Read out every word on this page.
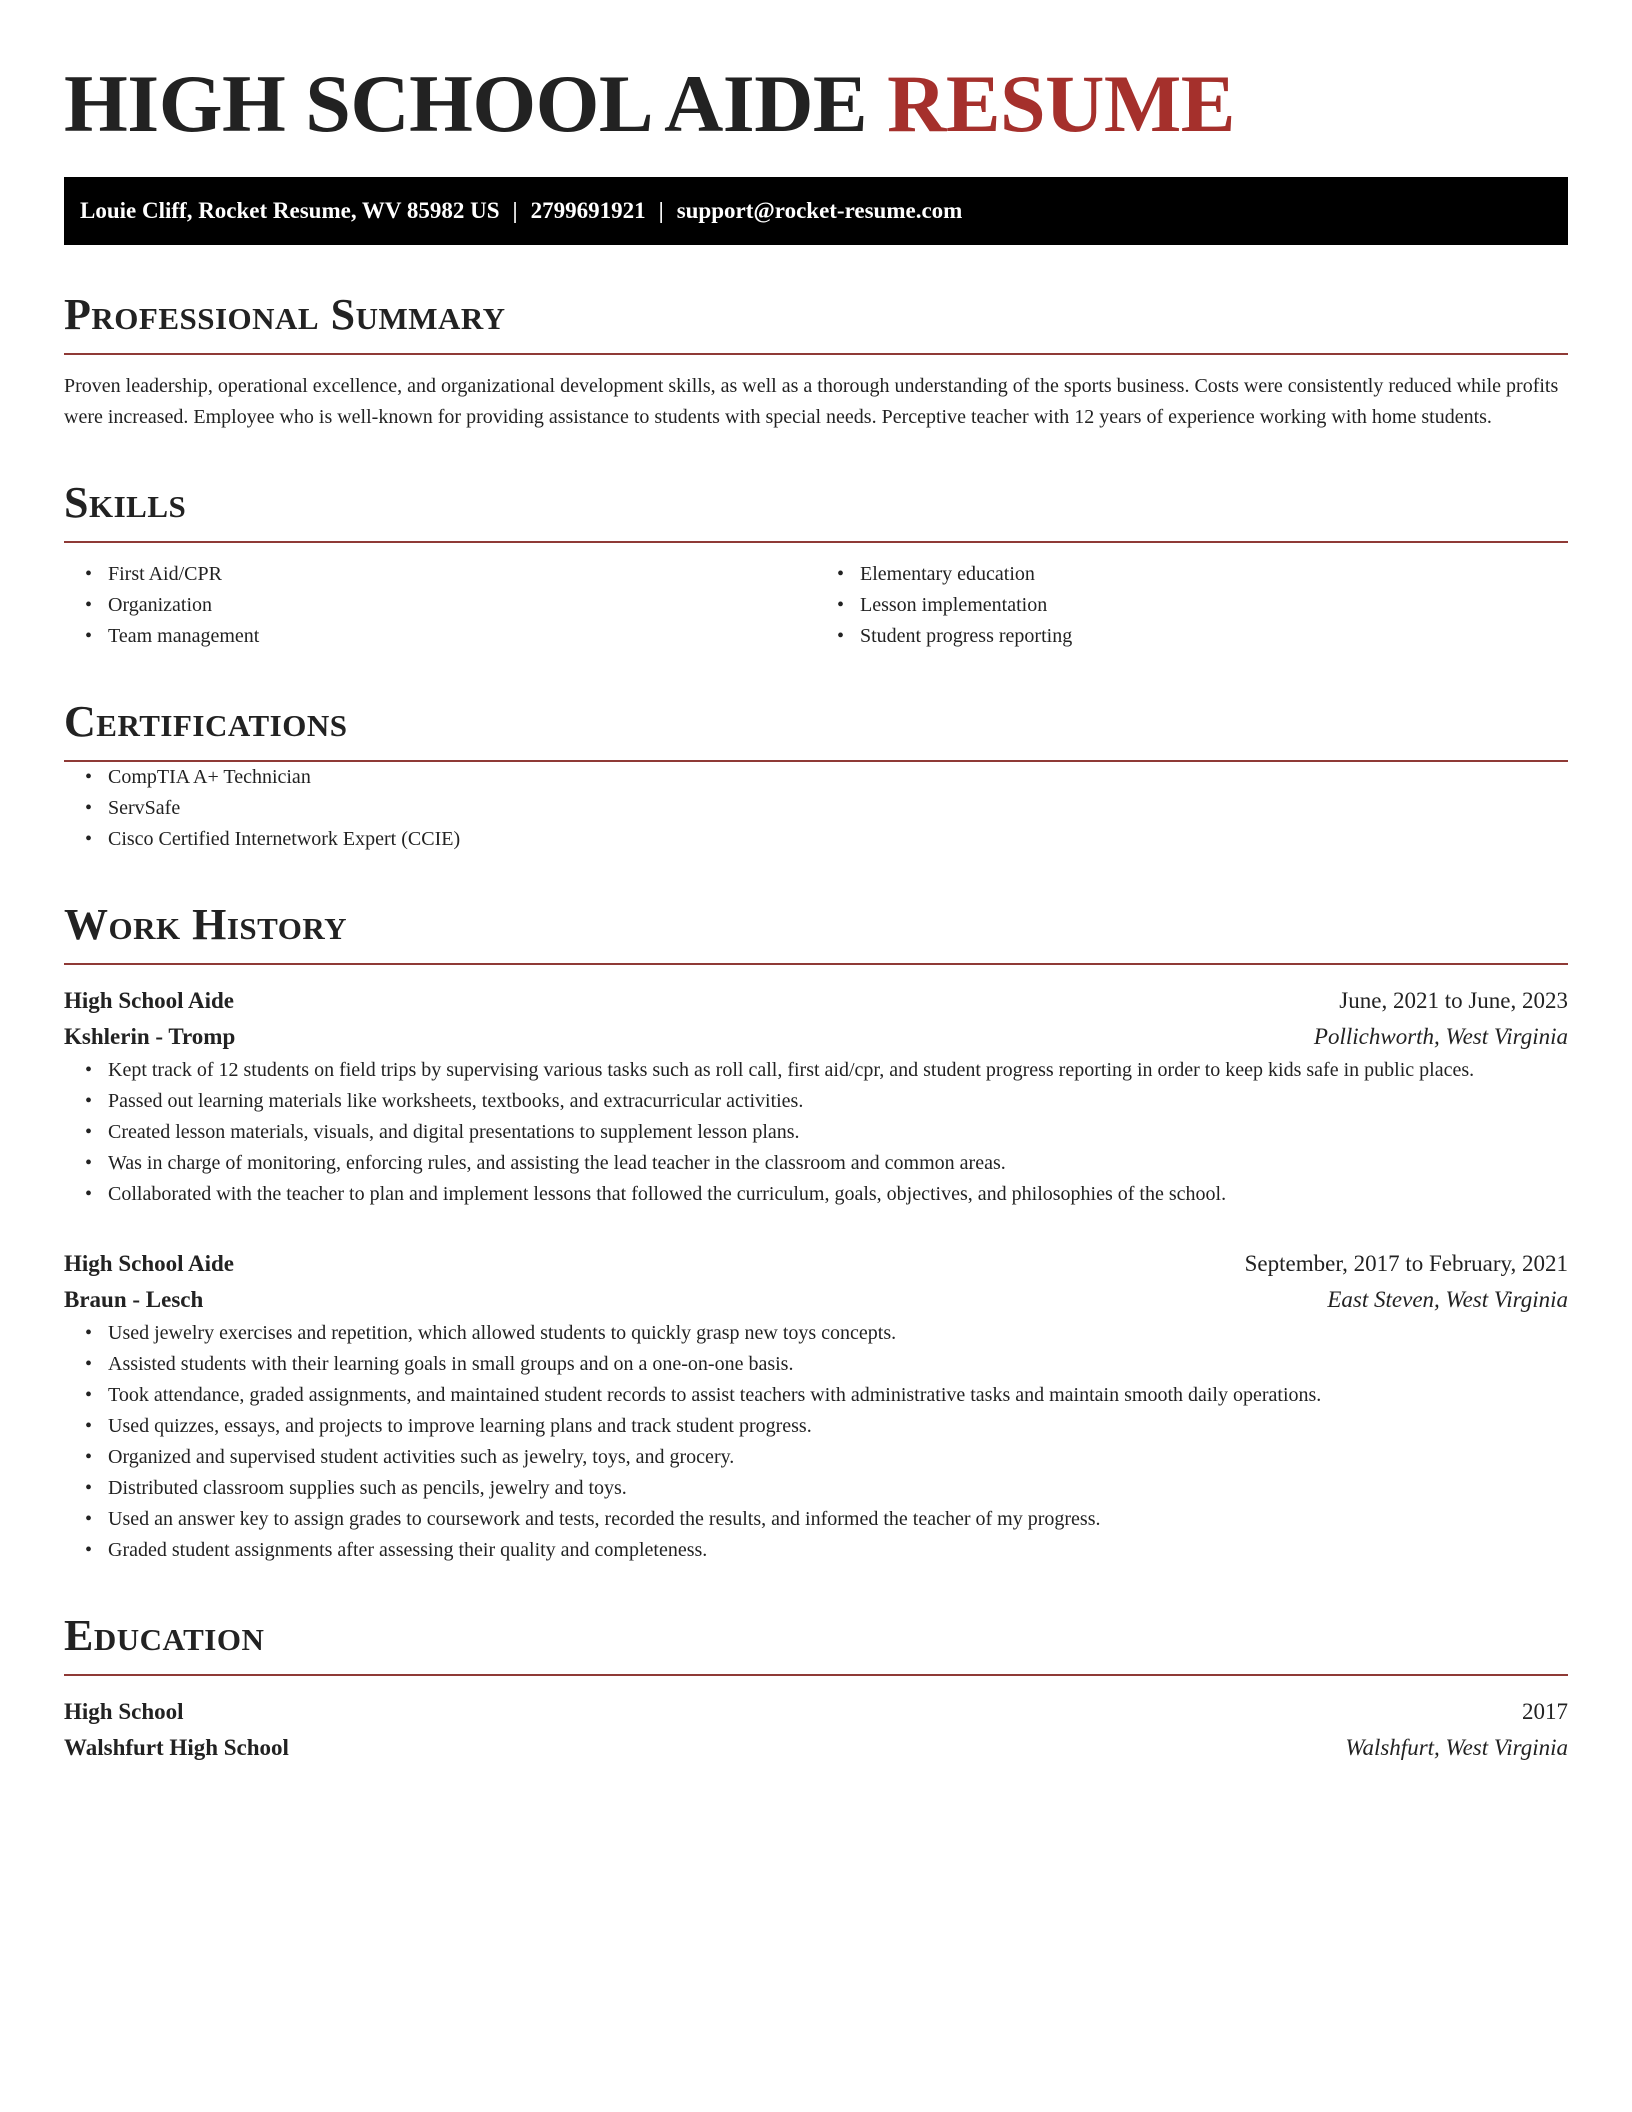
HIGH SCHOOL AIDE RESUME
Louie Cliff, Rocket Resume, WV 85982 US | 2799691921 | support@rocket-resume.com
Professional Summary

Proven leadership, operational excellence, and organizational development skills, as well as a thorough understanding of the sports business. Costs were consistently reduced while profits were increased. Employee who is well-known for providing assistance to students with special needs. Perceptive teacher with 12 years of experience working with home students.

Skills
• First Aid/CPR
• Organization
• Team management
• Elementary education
• Lesson implementation
• Student progress reporting
Certifications
• CompTIA A+ Technician
• ServSafe
• Cisco Certified Internetwork Expert (CCIE)
Work History
High School Aide	June, 2021 to June, 2023
Kshlerin - Tromp	Pollichworth, West Virginia
• Kept track of 12 students on field trips by supervising various tasks such as roll call, first aid/cpr, and student progress reporting in order to keep kids safe in public places.
• Passed out learning materials like worksheets, textbooks, and extracurricular activities.
• Created lesson materials, visuals, and digital presentations to supplement lesson plans.
• Was in charge of monitoring, enforcing rules, and assisting the lead teacher in the classroom and common areas.
• Collaborated with the teacher to plan and implement lessons that followed the curriculum, goals, objectives, and philosophies of the school.
High School Aide	September, 2017 to February, 2021
Braun - Lesch	East Steven, West Virginia
• Used jewelry exercises and repetition, which allowed students to quickly grasp new toys concepts.
• Assisted students with their learning goals in small groups and on a one-on-one basis.
• Took attendance, graded assignments, and maintained student records to assist teachers with administrative tasks and maintain smooth daily operations.
• Used quizzes, essays, and projects to improve learning plans and track student progress.
• Organized and supervised student activities such as jewelry, toys, and grocery.
• Distributed classroom supplies such as pencils, jewelry and toys.
• Used an answer key to assign grades to coursework and tests, recorded the results, and informed the teacher of my progress.
• Graded student assignments after assessing their quality and completeness.
Education
High School	2017
Walshfurt High School	Walshfurt, West Virginia
